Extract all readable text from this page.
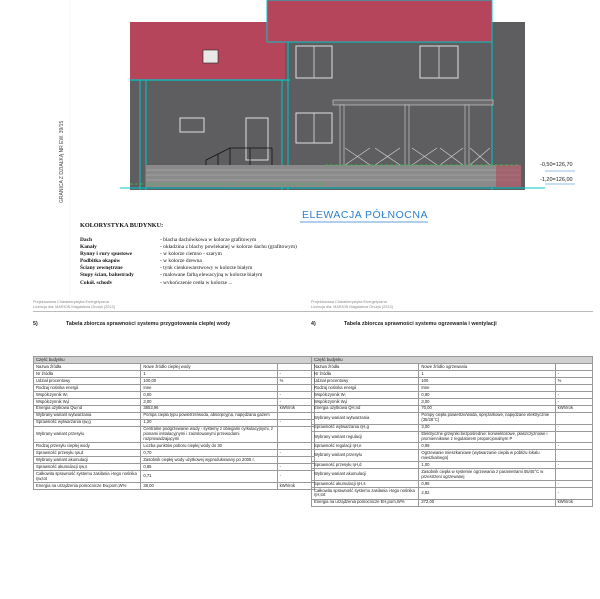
GRANICA Z DZIAŁKĄ NR EW. 39/15
ELEWACJA PÓŁNOCNA
-0,50=126,70
-1,20=126,00
KOLORYSTYKA BUDYNKU:
Dach	- blacha dachówkowa w kolorze grafitowym
Kanały	- okładzina z blachy powlekanej w kolorze dachu (grafitowym)
Rynny i rury spustowe	- w kolorze ciemno - szarym
Podbitka okapów	- w kolorze drewna
Ściany zewnętrzne	- tynk cienkowarstwowy w kolorze białym
Stopy ścian, balustrady	- malowane farbą elewacyjną w kolorze białym
Cokół, schody	- wykończenie cegłą w kolorze ...
Projektowana Charakterystyka Energetyczna
Licencja dla: MARION Magdalena Orczyk [2013]
5)	Tabela zbiorcza sprawności systemu przygotowania ciepłej wody
Część budynku		
Nazwa źródła	Nowe źródło ciepłej wody	
Nr źródła	1	-
Udział procentowy	100,00	%
Rodzaj nośnika energii	Inne	
Współczynnik Wᵢ	0,00	-
Współczynnik Wₑl	3,00	-
Energia użytkowa Qw,nd	3853,96	kWh/rok
Wybrany wariant wytwarzania	Pompa ciepła typu powietrze/woda, absorpcyjna, napędzana gazem	
Sprawność wytwarzania ηw,g	1,20	-
Wybrany wariant przesyłu	Centralne podgrzewanie wody - systemy z obiegami cyrkulacyjnymi, z pionami instalacyjnymi i zaizolowanymi przewodami rozprowadzającymi	
Rodzaj przesyłu ciepłej wody	Liczba punktów poboru ciepłej wody do 30	
Sprawność przesyłu ηw,d	0,70	-
Wybrany wariant akumulacji	Zasobnik ciepłej wody użytkowej wyprodukowany po 2005 r.	
Sprawność akumulacji ηw,s	0,85	-
Całkowita sprawność systemu zasilania i-tego nośnika ηw,tot	0,71	-
Energia na urządzenia pomocnicze Ew,pom,W%	38,00	kWh/rok
Projektowana Charakterystyka Energetyczna
Licencja dla: MARION Magdalena Orczyk [2013]
4)	Tabela zbiorcza sprawności systemu ogrzewania i wentylacji
Część budynku		
Nazwa źródła	Nowe źródło ogrzewania	
Nr źródła	1	-
Udział procentowy	100	%
Rodzaj nośnika energii	Inne	
Współczynnik Wᵢ	0,90	-
Współczynnik Wₑl	3,00	-
Energia użytkowa QH,nd	70,00	kWh/rok
Wybrany wariant wytwarzania	Pompy ciepła powietrze/woda, sprężarkowe, napędzane elektrycznie (35/28°C)	
Sprawność wytwarzania ηH,g	3,00	-
Wybrany wariant regulacji	Elektryczne grzejniki bezpośrednie: konwektorowe, płaszczyznowe i promiennikowe z regulatorem proporcjonalnym P	
Sprawność regulacji ηH,e	0,99	-
Wybrany wariant przesyłu	Ogrzewanie mieszkaniowe (wytwarzanie ciepła w pobliżu lokalu mieszkalnego)	
Sprawność przesyłu ηH,d	1,00	-
Wybrany wariant akumulacji	Zasobnik ciepła w systemie ogrzewania z parametrami 55/45°C w przestrzeni ogrzewanej	
Sprawność akumulacji ηH,s	0,95	-
Całkowita sprawność systemu zasilania i-tego nośnika ηH,tot	2,82	-
Energia na urządzenia pomocnicze EH,pom,W%	272,00	kWh/rok
